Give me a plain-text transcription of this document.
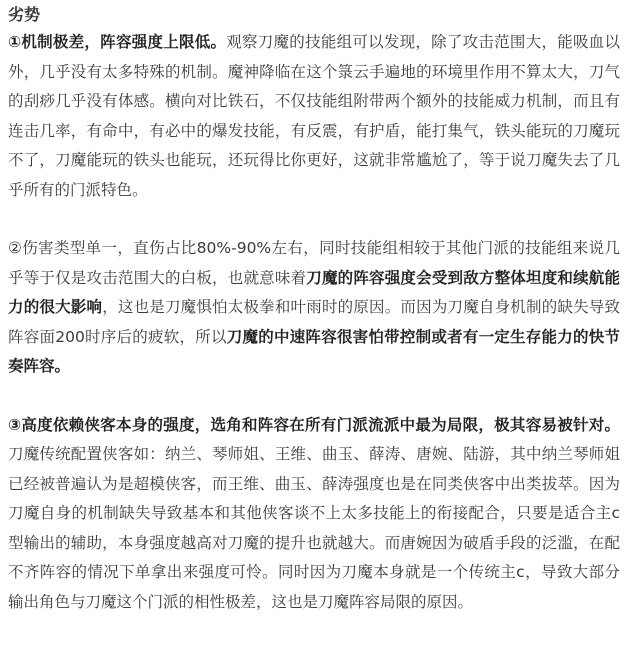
劣势

①机制极差，阵容强度上限低。观察刀魔的技能组可以发现，除了攻击范围大，能吸血以外，几乎没有太多特殊的机制。魔神降临在这个箓云手遍地的环境里作用不算太大，刀气的刮痧几乎没有体感。横向对比铁石，不仅技能组附带两个额外的技能威力机制，而且有连击几率，有命中，有必中的爆发技能，有反震，有护盾，能打集气，铁头能玩的刀魔玩不了，刀魔能玩的铁头也能玩，还玩得比你更好，这就非常尴尬了，等于说刀魔失去了几乎所有的门派特色。

②伤害类型单一，直伤占比80%-90%左右，同时技能组相较于其他门派的技能组来说几乎等于仅是攻击范围大的白板，也就意味着刀魔的阵容强度会受到敌方整体坦度和续航能力的很大影响，这也是刀魔惧怕太极拳和叶雨时的原因。而因为刀魔自身机制的缺失导致阵容面200时序后的疲软，所以刀魔的中速阵容很害怕带控制或者有一定生存能力的快节奏阵容。

③高度依赖侠客本身的强度，选角和阵容在所有门派流派中最为局限，极其容易被针对。刀魔传统配置侠客如：纳兰、琴师姐、王维、曲玉、薛涛、唐婉、陆游，其中纳兰琴师姐已经被普遍认为是超模侠客，而王维、曲玉、薛涛强度也是在同类侠客中出类拔萃。因为刀魔自身的机制缺失导致基本和其他侠客谈不上太多技能上的衔接配合，只要是适合主c型输出的辅助，本身强度越高对刀魔的提升也就越大。而唐婉因为破盾手段的泛滥，在配不齐阵容的情况下单拿出来强度可怜。同时因为刀魔本身就是一个传统主c，导致大部分输出角色与刀魔这个门派的相性极差，这也是刀魔阵容局限的原因。
